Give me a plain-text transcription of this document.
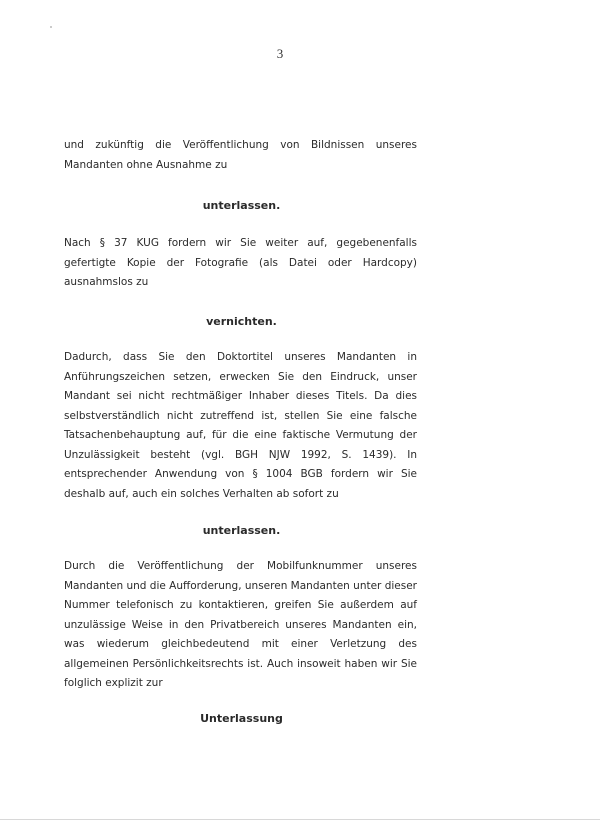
3

und zukünftig die Veröffentlichung von Bildnissen unseres Mandanten ohne Ausnahme zu

unterlassen.

Nach § 37 KUG fordern wir Sie weiter auf, gegebenenfalls gefertigte Kopie der Fotografie (als Datei oder Hardcopy) ausnahmslos zu

vernichten.

Dadurch, dass Sie den Doktortitel unseres Mandanten in Anführungszeichen setzen, erwecken Sie den Eindruck, unser Mandant sei nicht rechtmäßiger Inhaber dieses Titels. Da dies selbstverständlich nicht zutreffend ist, stellen Sie eine falsche Tatsachenbehauptung auf, für die eine faktische Vermutung der Unzulässigkeit besteht (vgl. BGH NJW 1992, S. 1439). In entsprechender Anwendung von § 1004 BGB fordern wir Sie deshalb auf, auch ein solches Verhalten ab sofort zu

unterlassen.

Durch die Veröffentlichung der Mobilfunknummer unseres Mandanten und die Aufforderung, unseren Mandanten unter dieser Nummer telefonisch zu kontaktieren, greifen Sie außerdem auf unzulässige Weise in den Privatbereich unseres Mandanten ein, was wiederum gleichbedeutend mit einer Verletzung des allgemeinen Persönlichkeitsrechts ist. Auch insoweit haben wir Sie folglich explizit zur

Unterlassung
